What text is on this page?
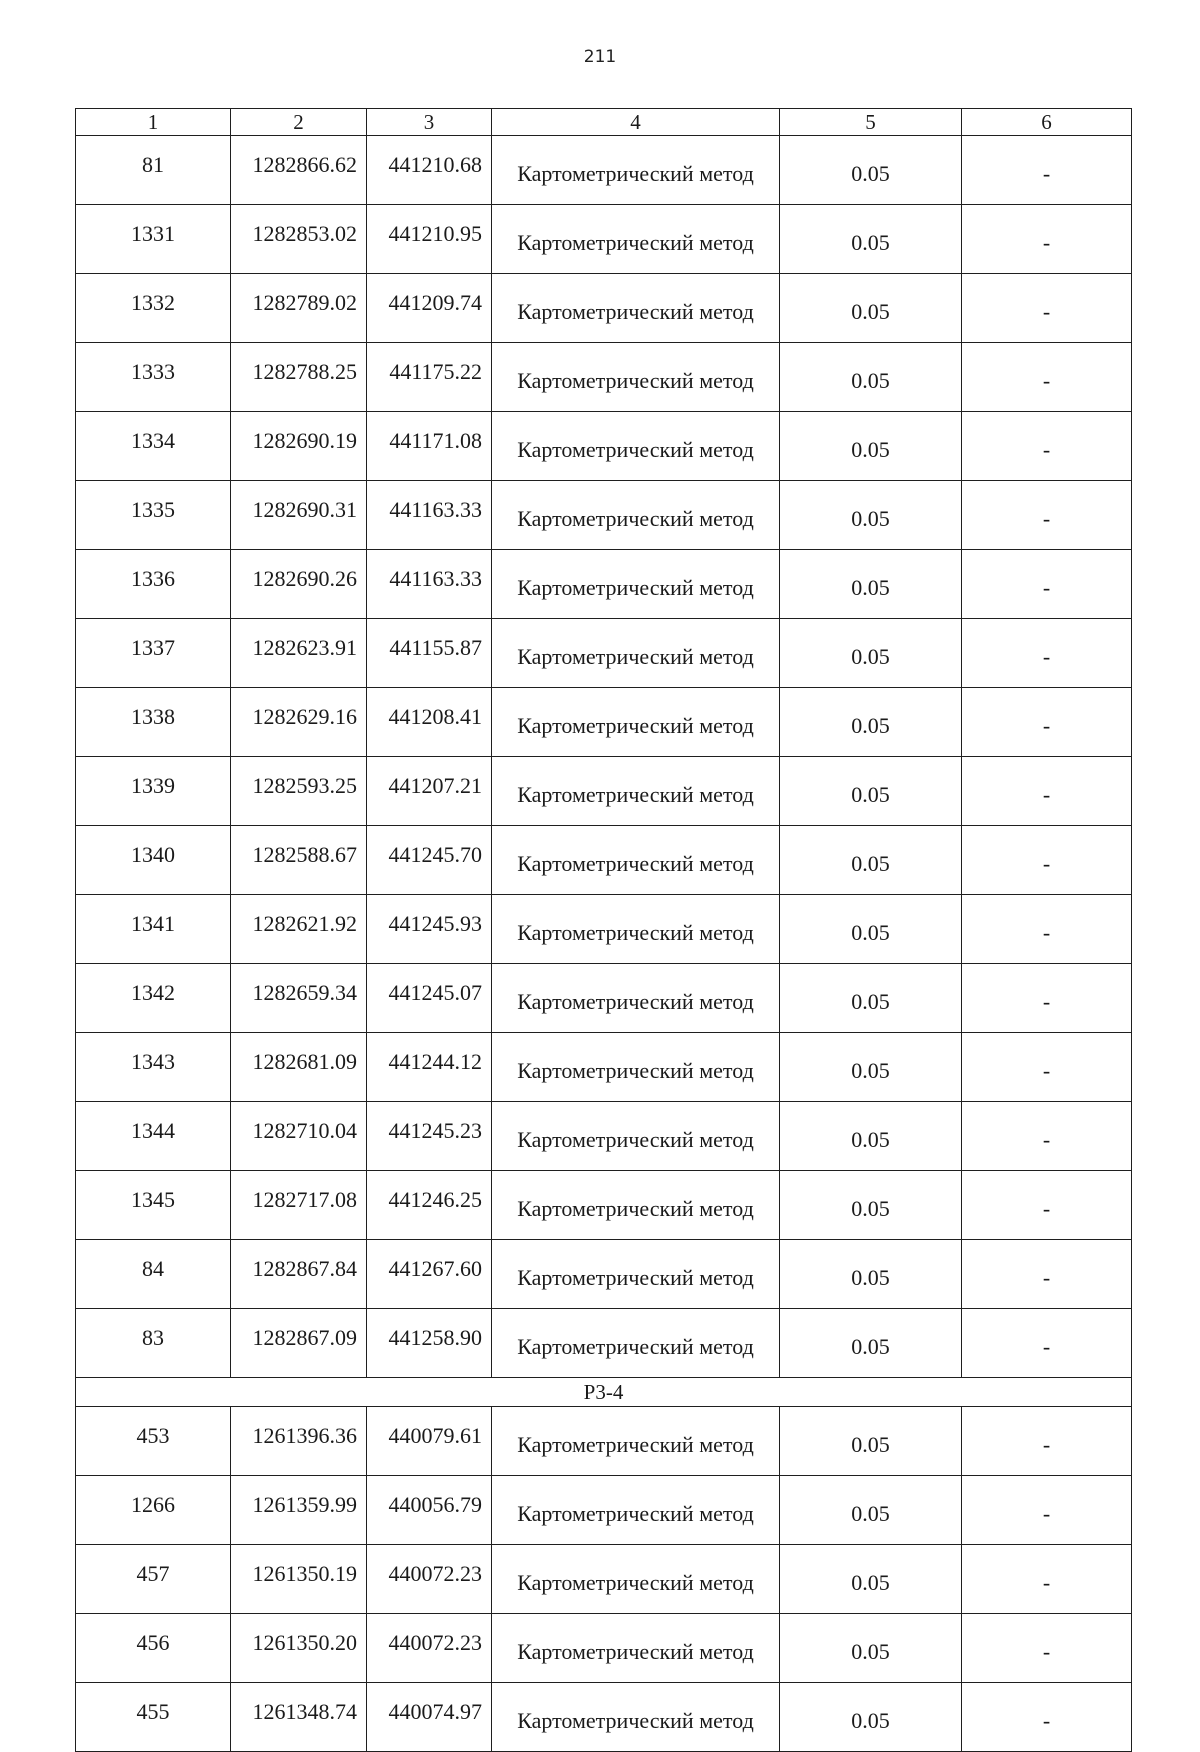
211
1	2	3	4	5	6
81	1282866.62	441210.68	Картометрический метод	0.05	-
1331	1282853.02	441210.95	Картометрический метод	0.05	-
1332	1282789.02	441209.74	Картометрический метод	0.05	-
1333	1282788.25	441175.22	Картометрический метод	0.05	-
1334	1282690.19	441171.08	Картометрический метод	0.05	-
1335	1282690.31	441163.33	Картометрический метод	0.05	-
1336	1282690.26	441163.33	Картометрический метод	0.05	-
1337	1282623.91	441155.87	Картометрический метод	0.05	-
1338	1282629.16	441208.41	Картометрический метод	0.05	-
1339	1282593.25	441207.21	Картометрический метод	0.05	-
1340	1282588.67	441245.70	Картометрический метод	0.05	-
1341	1282621.92	441245.93	Картометрический метод	0.05	-
1342	1282659.34	441245.07	Картометрический метод	0.05	-
1343	1282681.09	441244.12	Картометрический метод	0.05	-
1344	1282710.04	441245.23	Картометрический метод	0.05	-
1345	1282717.08	441246.25	Картометрический метод	0.05	-
84	1282867.84	441267.60	Картометрический метод	0.05	-
83	1282867.09	441258.90	Картометрический метод	0.05	-
Р3-4					
453	1261396.36	440079.61	Картометрический метод	0.05	-
1266	1261359.99	440056.79	Картометрический метод	0.05	-
457	1261350.19	440072.23	Картометрический метод	0.05	-
456	1261350.20	440072.23	Картометрический метод	0.05	-
455	1261348.74	440074.97	Картометрический метод	0.05	-
